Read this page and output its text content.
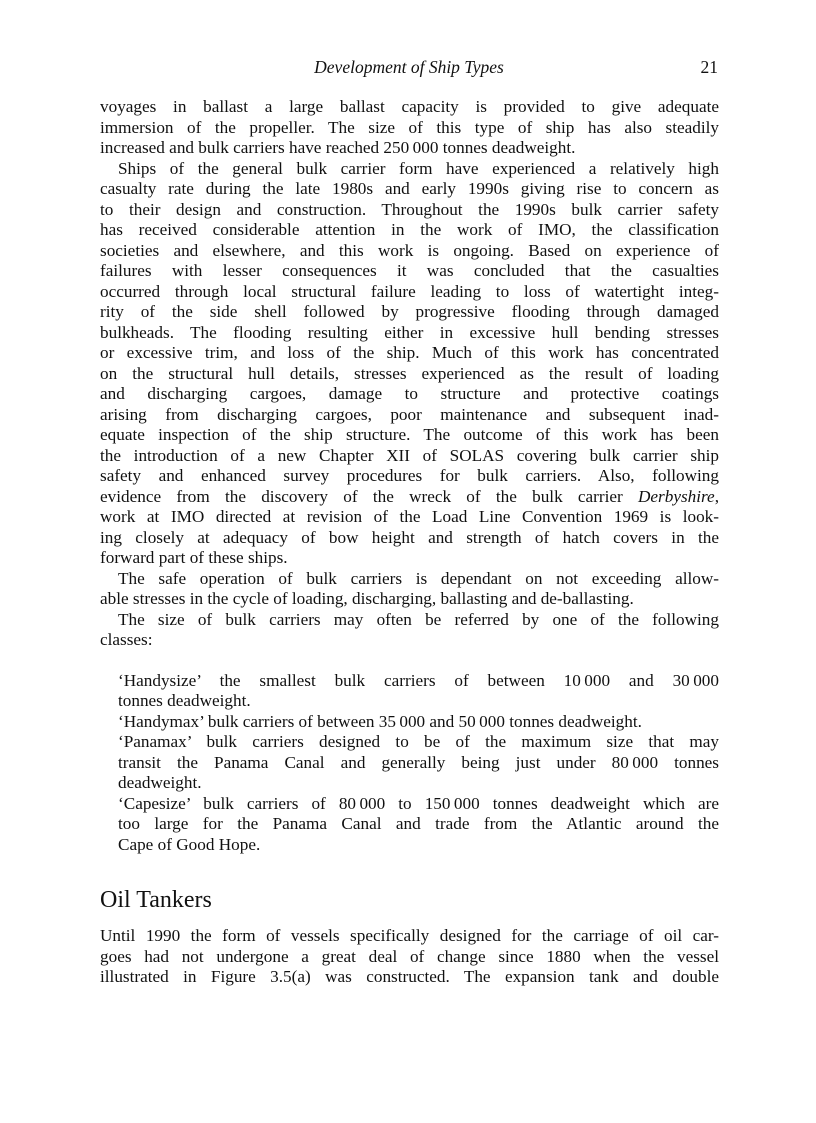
Development of Ship Types	21
voyages in ballast a large ballast capacity is provided to give adequate
immersion of the propeller. The size of this type of ship has also steadily
increased and bulk carriers have reached 250 000 tonnes deadweight.
Ships of the general bulk carrier form have experienced a relatively high
casualty rate during the late 1980s and early 1990s giving rise to concern as
to their design and construction. Throughout the 1990s bulk carrier safety
has received considerable attention in the work of IMO, the classification
societies and elsewhere, and this work is ongoing. Based on experience of
failures with lesser consequences it was concluded that the casualties
occurred through local structural failure leading to loss of watertight integ-
rity of the side shell followed by progressive flooding through damaged
bulkheads. The flooding resulting either in excessive hull bending stresses
or excessive trim, and loss of the ship. Much of this work has concentrated
on the structural hull details, stresses experienced as the result of loading
and discharging cargoes, damage to structure and protective coatings
arising from discharging cargoes, poor maintenance and subsequent inad-
equate inspection of the ship structure. The outcome of this work has been
the introduction of a new Chapter XII of SOLAS covering bulk carrier ship
safety and enhanced survey procedures for bulk carriers. Also, following
evidence from the discovery of the wreck of the bulk carrier Derbyshire,
work at IMO directed at revision of the Load Line Convention 1969 is look-
ing closely at adequacy of bow height and strength of hatch covers in the
forward part of these ships.
The safe operation of bulk carriers is dependant on not exceeding allow-
able stresses in the cycle of loading, discharging, ballasting and de-ballasting.
The size of bulk carriers may often be referred by one of the following
classes:
‘Handysize’ the smallest bulk carriers of between 10 000 and 30 000
tonnes deadweight.
‘Handymax’ bulk carriers of between 35 000 and 50 000 tonnes deadweight.
‘Panamax’ bulk carriers designed to be of the maximum size that may
transit the Panama Canal and generally being just under 80 000 tonnes
deadweight.
‘Capesize’ bulk carriers of 80 000 to 150 000 tonnes deadweight which are
too large for the Panama Canal and trade from the Atlantic around the
Cape of Good Hope.
Oil Tankers
Until 1990 the form of vessels specifically designed for the carriage of oil car-
goes had not undergone a great deal of change since 1880 when the vessel
illustrated in Figure 3.5(a) was constructed. The expansion tank and double
